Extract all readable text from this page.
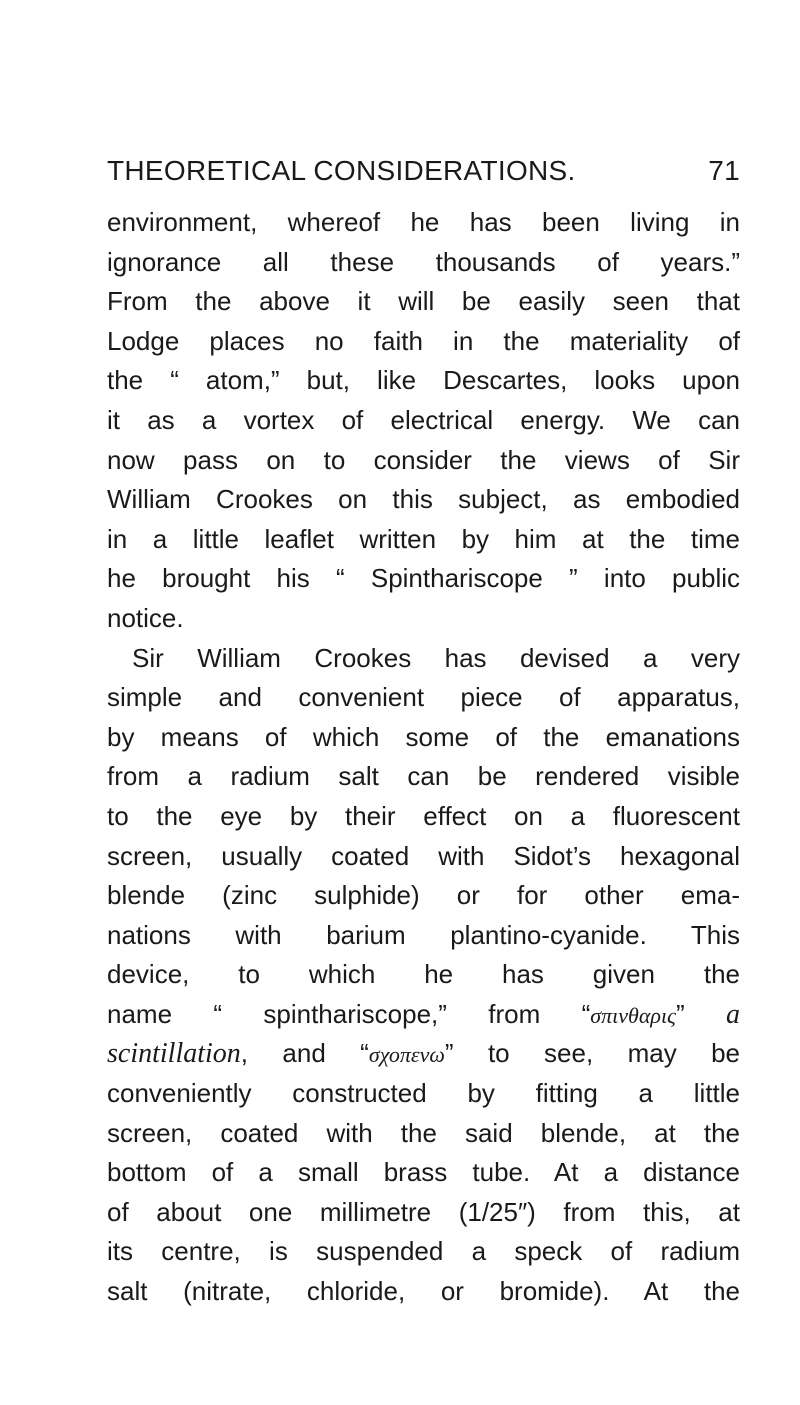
THEORETICAL CONSIDERATIONS.	71
environment, whereof he has been living in
ignorance all these thousands of years.”
From the above it will be easily seen that
Lodge places no faith in the materiality of
the “ atom,” but, like Descartes, looks upon
it as a vortex of electrical energy. We can
now pass on to consider the views of Sir
William Crookes on this subject, as embodied
in a little leaflet written by him at the time
he brought his “ Spinthariscope ” into public
notice.
Sir William Crookes has devised a very
simple and convenient piece of apparatus,
by means of which some of the emanations
from a radium salt can be rendered visible
to the eye by their effect on a fluorescent
screen, usually coated with Sidot’s hexagonal
blende (zinc sulphide) or for other ema-
nations with barium plantino-cyanide. This
device, to which he has given the
name “ spinthariscope,” from “σπινθαρις” a
scintillation, and “σχοπενω” to see, may be
conveniently constructed by fitting a little
screen, coated with the said blende, at the
bottom of a small brass tube. At a distance
of about one millimetre (1/25″) from this, at
its centre, is suspended a speck of radium
salt (nitrate, chloride, or bromide). At the
